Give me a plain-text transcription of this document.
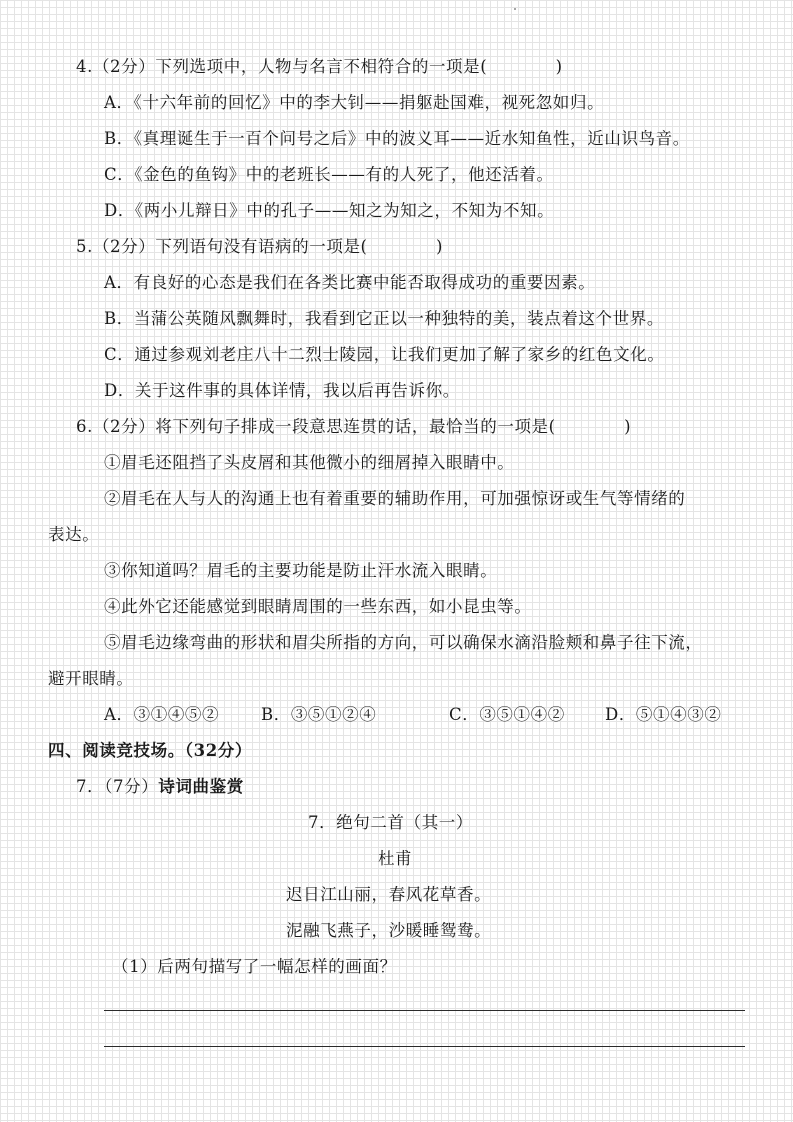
4.（2分）下列选项中，人物与名言不相符合的一项是(　　　　)
A．《十六年前的回忆》中的李大钊——捐躯赴国难，视死忽如归。
B．《真理诞生于一百个问号之后》中的波义耳——近水知鱼性，近山识鸟音。
C．《金色的鱼钩》中的老班长——有的人死了，他还活着。
D．《两小儿辩日》中的孔子——知之为知之，不知为不知。
5.（2分）下列语句没有语病的一项是(　　　　)
A．有良好的心态是我们在各类比赛中能否取得成功的重要因素。
B．当蒲公英随风飘舞时，我看到它正以一种独特的美，装点着这个世界。
C．通过参观刘老庄八十二烈士陵园，让我们更加了解了家乡的红色文化。
D．关于这件事的具体详情，我以后再告诉你。
6.（2分）将下列句子排成一段意思连贯的话，最恰当的一项是(　　　　)
①眉毛还阻挡了头皮屑和其他微小的细屑掉入眼睛中。
②眉毛在人与人的沟通上也有着重要的辅助作用，可加强惊讶或生气等情绪的
表达。
③你知道吗？眉毛的主要功能是防止汗水流入眼睛。
④此外它还能感觉到眼睛周围的一些东西，如小昆虫等。
⑤眉毛边缘弯曲的形状和眉尖所指的方向，可以确保水滴沿脸颊和鼻子往下流，
避开眼睛。
A．③①④⑤②	B．③⑤①②④	C．③⑤①④② D．⑤①④③②
四、阅读竞技场。（32分）
7．（7分）诗词曲鉴赏
7．绝句二首（其一）
杜甫
迟日江山丽，春风花草香。
泥融飞燕子，沙暖睡鸳鸯。
（1）后两句描写了一幅怎样的画面？
